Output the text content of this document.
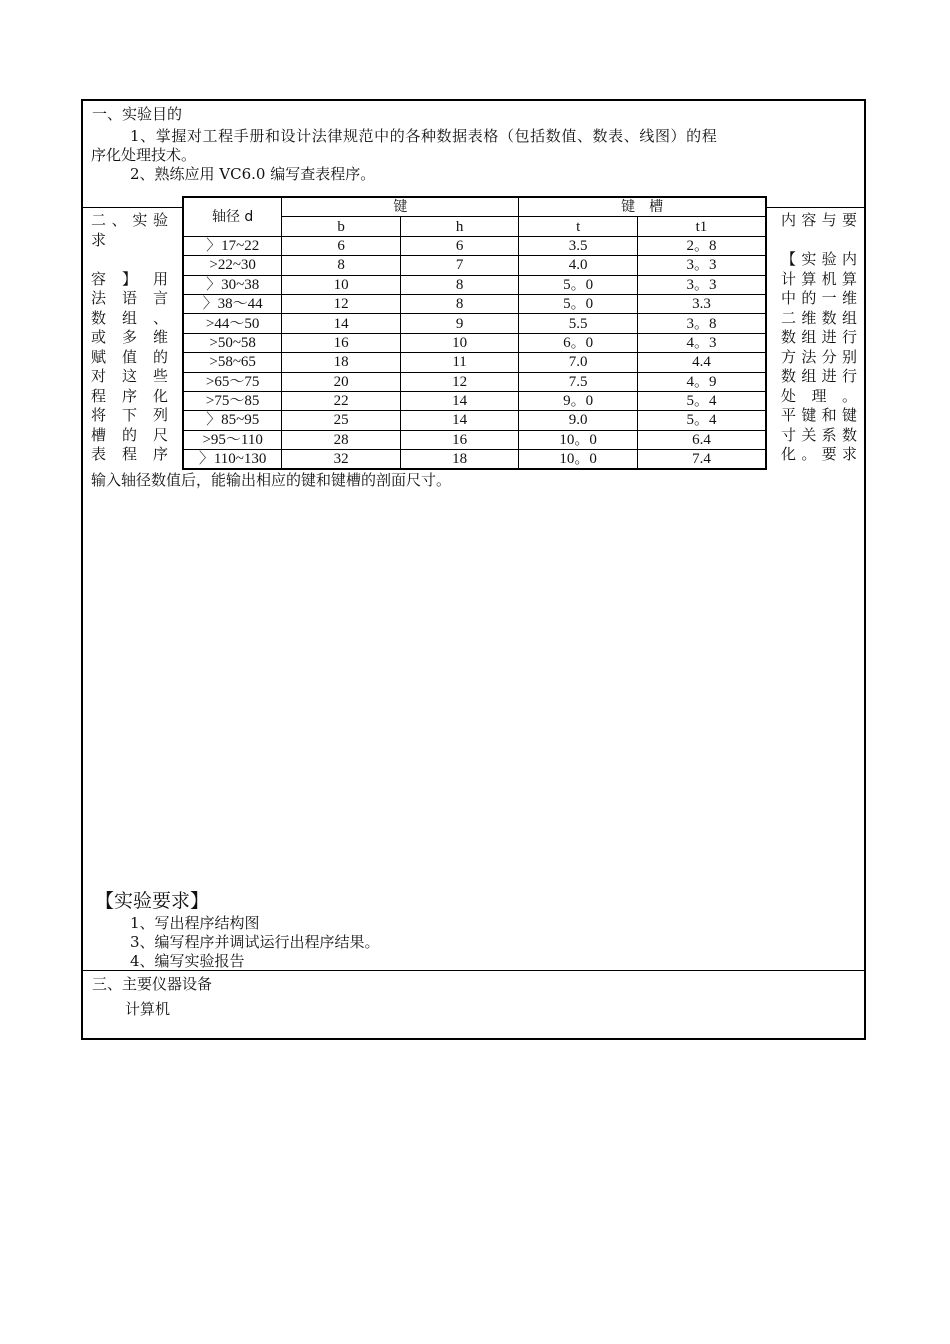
一、实验目的
1、掌握对工程手册和设计法律规范中的各种数据表格（包括数值、数表、线图）的程
序化处理技术。
2、熟练应用 VC6.0 编写查表程序。
二、实验
求
容 】 用
法 语 言
数 组 、
或 多 维
赋 值 的
对 这 些
程 序 化
将 下 列
槽 的 尺
表 程 序
内容与要
【实验内
计算机算
中的一维
二维数组
数组进行
方法分别
数组进行
处 理 。
平键和键
寸关系数
化。要求
轴径 d	键		键　槽	
	b	h	t	t1
〉17~22	6	6	3.5	2。8
>22~30	8	7	4.0	3。3
〉30~38	10	8	5。0	3。3
〉38～44	12	8	5。0	3.3
>44～50	14	9	5.5	3。8
>50~58	16	10	6。0	4。3
>58~65	18	11	7.0	4.4
>65～75	20	12	7.5	4。9
>75～85	22	14	9。0	5。4
〉85~95	25	14	9.0	5。4
>95～110	28	16	10。0	6.4
〉110~130	32	18	10。0	7.4
输入轴径数值后，能输出相应的键和键槽的剖面尺寸。
【实验要求】
1、写出程序结构图
3、编写程序并调试运行出程序结果。
4、编写实验报告
三、主要仪器设备
计算机
